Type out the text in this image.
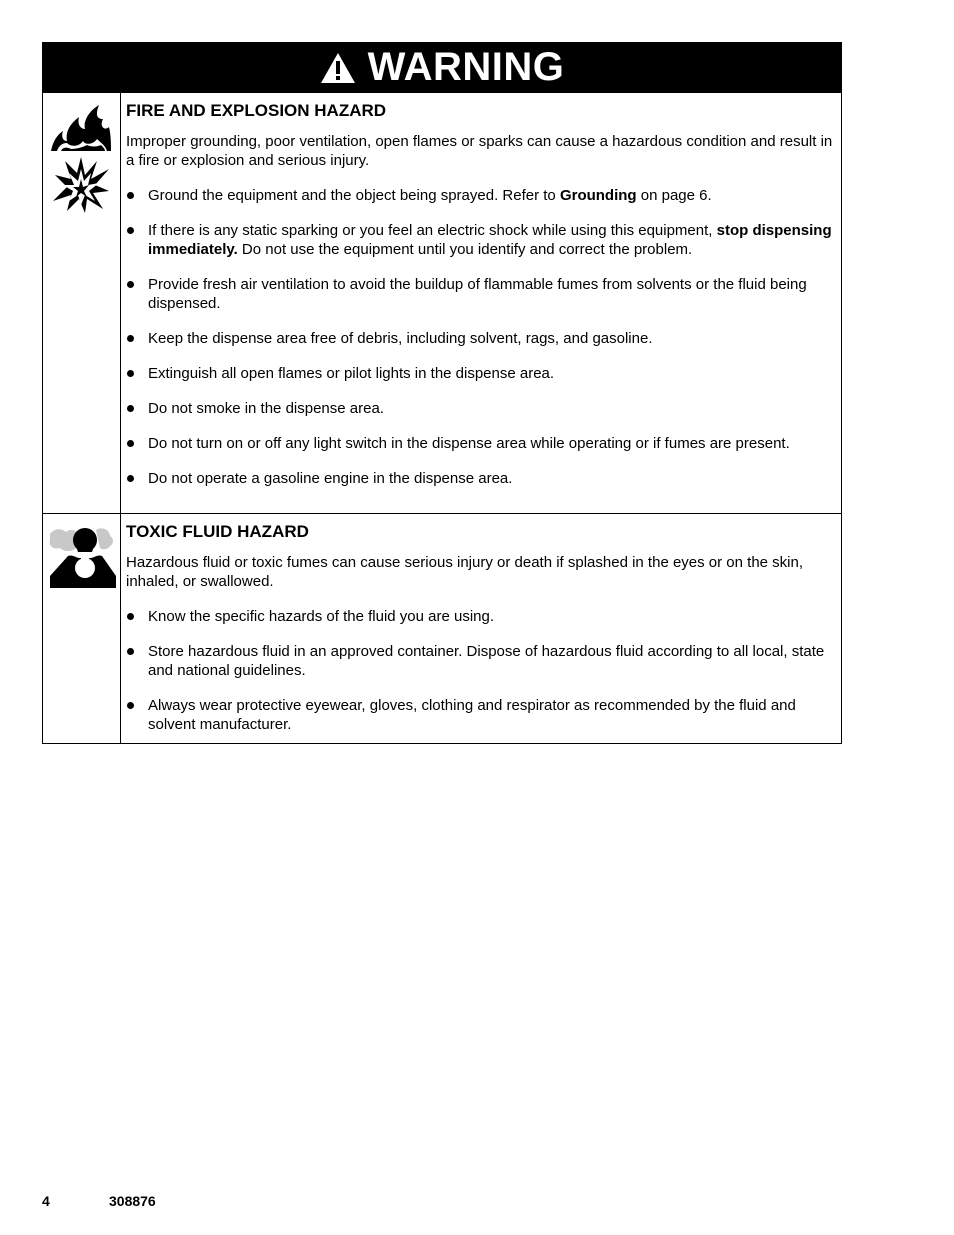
WARNING
FIRE AND EXPLOSION HAZARD

Improper grounding, poor ventilation, open flames or sparks can cause a hazardous condition and result in a fire or explosion and serious injury.

Ground the equipment and the object being sprayed. Refer to Grounding on page 6.
If there is any static sparking or you feel an electric shock while using this equipment, stop dispensing immediately. Do not use the equipment until you identify and correct the problem.
Provide fresh air ventilation to avoid the buildup of flammable fumes from solvents or the fluid being dispensed.
Keep the dispense area free of debris, including solvent, rags, and gasoline.
Extinguish all open flames or pilot lights in the dispense area.
Do not smoke in the dispense area.
Do not turn on or off any light switch in the dispense area while operating or if fumes are present.
Do not operate a gasoline engine in the dispense area.
TOXIC FLUID HAZARD

Hazardous fluid or toxic fumes can cause serious injury or death if splashed in the eyes or on the skin, inhaled, or swallowed.

Know the specific hazards of the fluid you are using.
Store hazardous fluid in an approved container. Dispose of hazardous fluid according to all local, state and national guidelines.
Always wear protective eyewear, gloves, clothing and respirator as recommended by the fluid and solvent manufacturer.
4	308876
